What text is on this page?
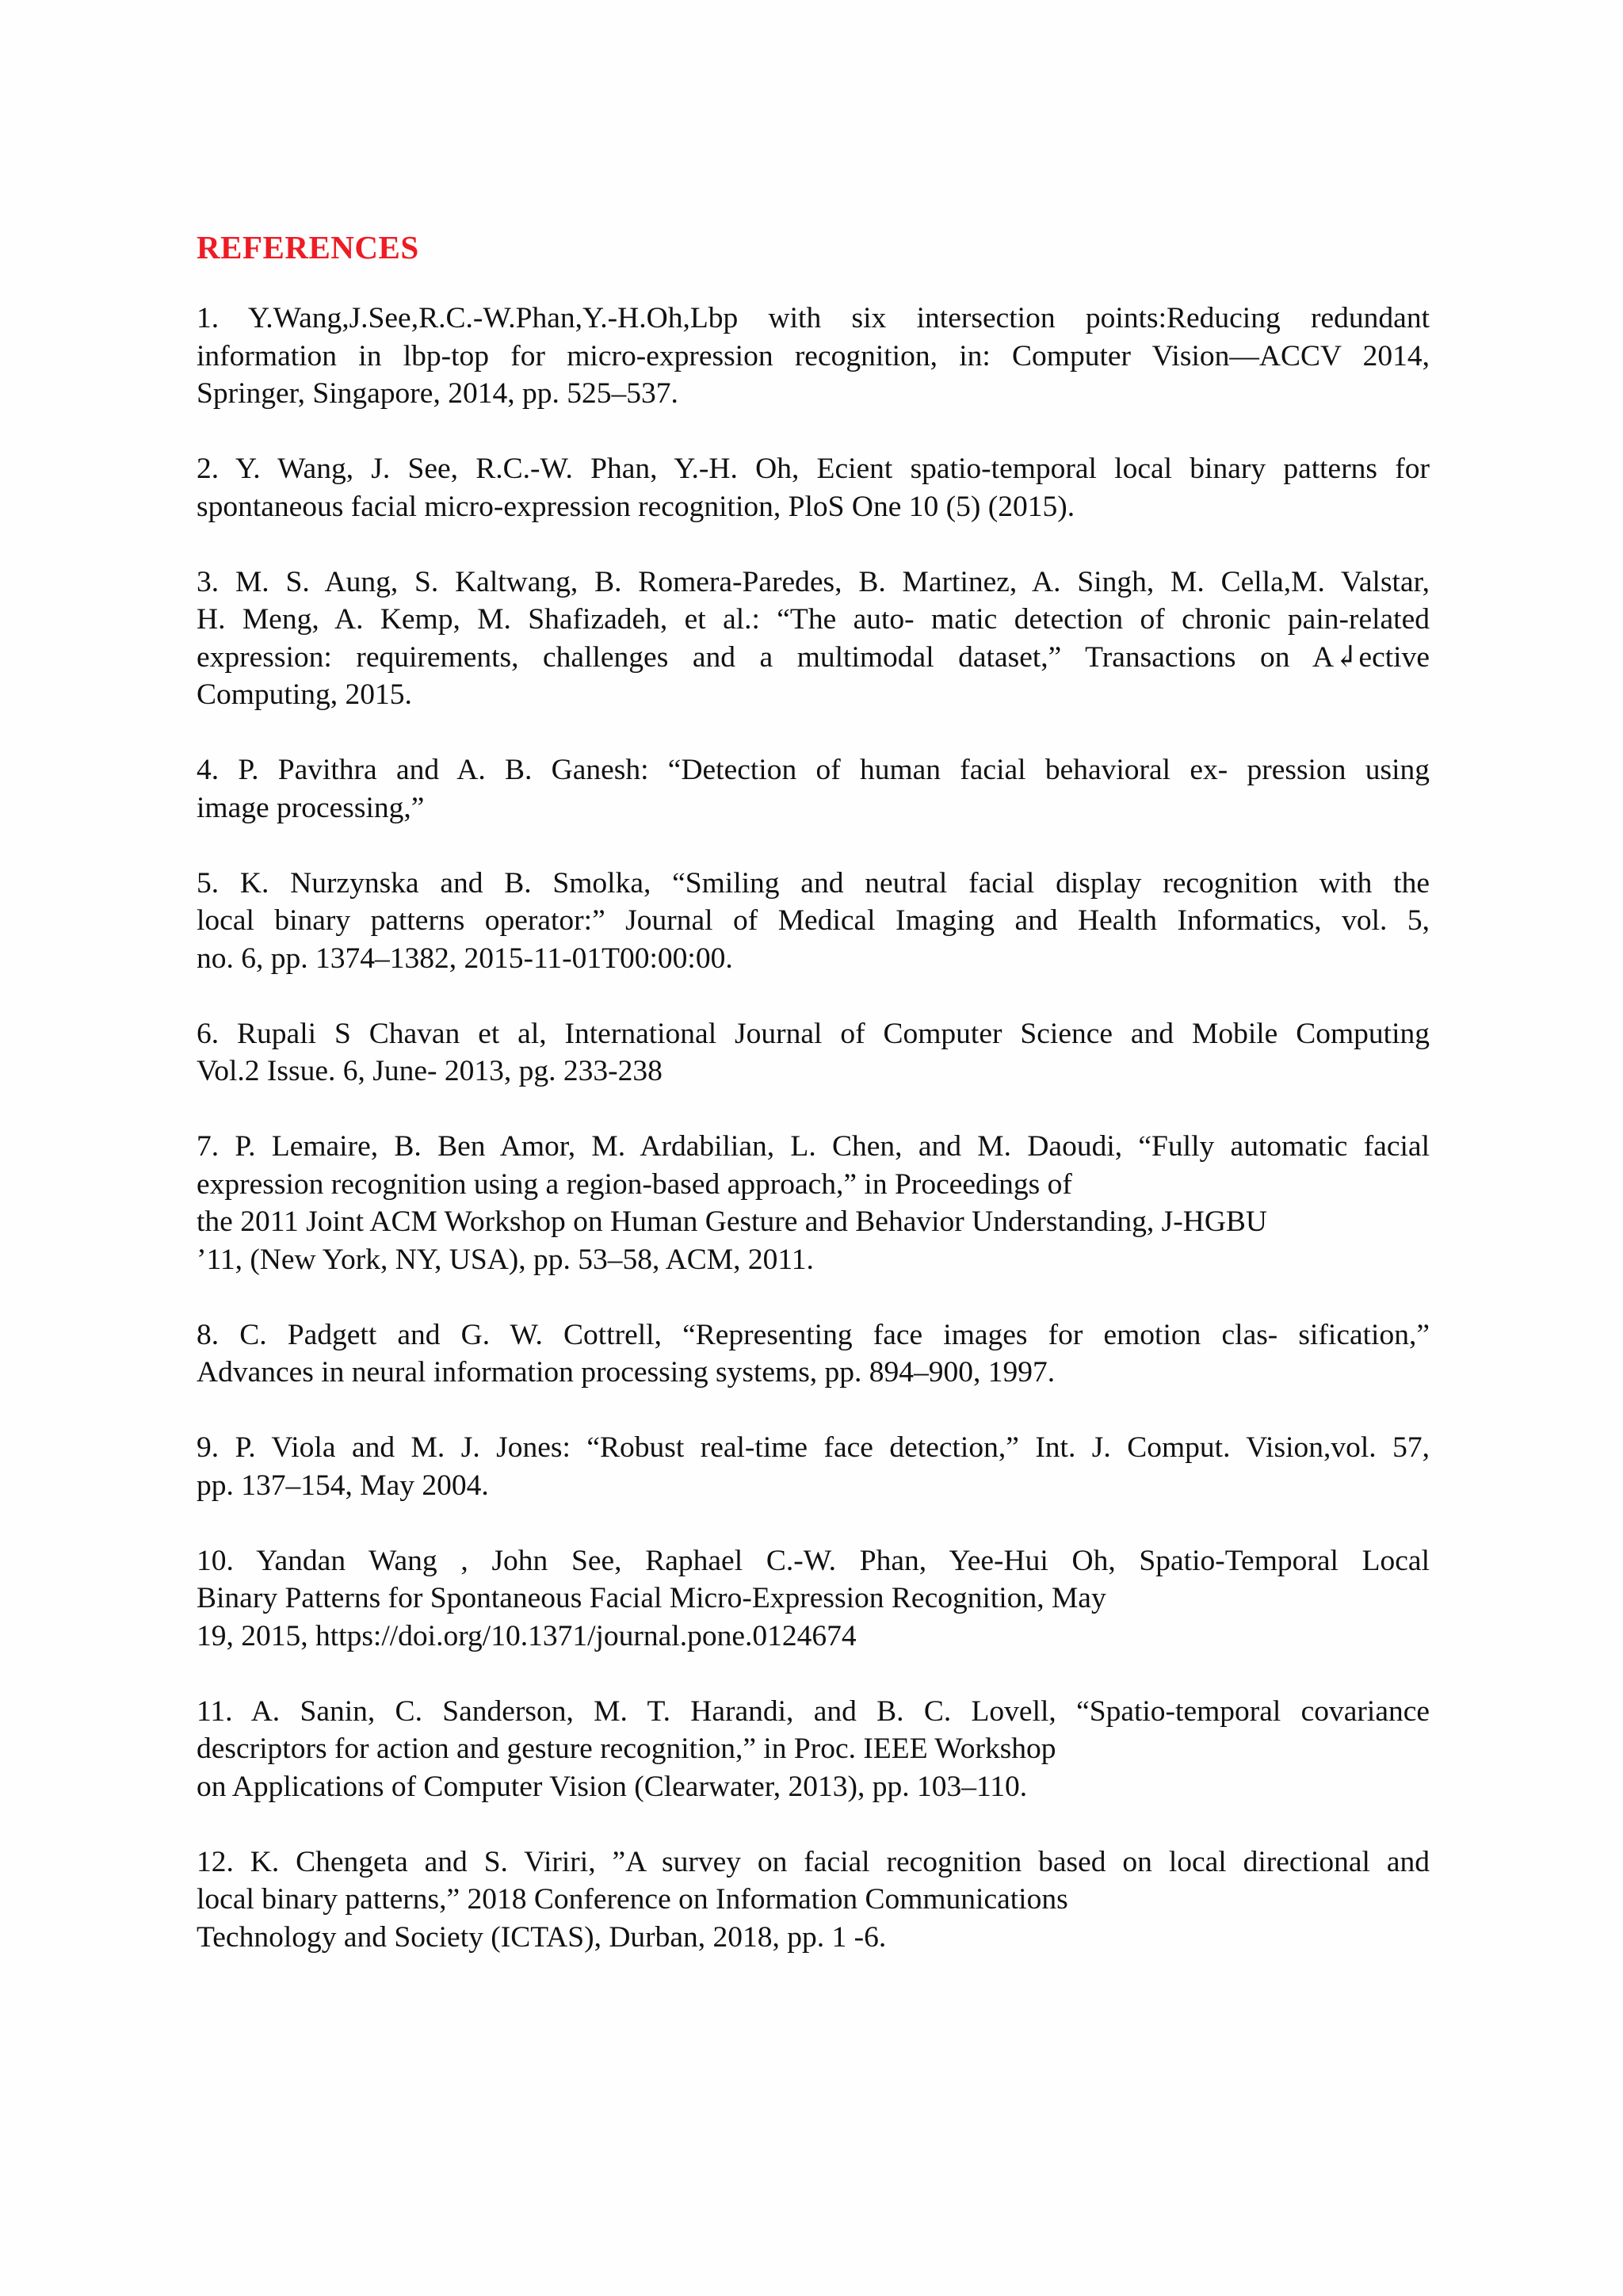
REFERENCES
1. Y.Wang,J.See,R.C.-W.Phan,Y.-H.Oh,Lbp with six intersection points:Reducing redundant
information in lbp-top for micro-expression recognition, in: Computer Vision—ACCV 2014,
Springer, Singapore, 2014, pp. 525–537.
2. Y. Wang, J. See, R.C.-W. Phan, Y.-H. Oh, Ecient spatio-temporal local binary patterns for
spontaneous facial micro-expression recognition, PloS One 10 (5) (2015).
3. M. S. Aung, S. Kaltwang, B. Romera-Paredes, B. Martinez, A. Singh, M. Cella,M. Valstar,
H. Meng, A. Kemp, M. Shafizadeh, et al.: “The auto- matic detection of chronic pain-related
expression: requirements, challenges and a multimodal dataset,” Transactions on A↲ective
Computing, 2015.
4. P. Pavithra and A. B. Ganesh: “Detection of human facial behavioral ex- pression using
image processing,”
5. K. Nurzynska and B. Smolka, “Smiling and neutral facial display recognition with the
local binary patterns operator:” Journal of Medical Imaging and Health Informatics, vol. 5,
no. 6, pp. 1374–1382, 2015-11-01T00:00:00.
6. Rupali S Chavan et al, International Journal of Computer Science and Mobile Computing
Vol.2 Issue. 6, June- 2013, pg. 233-238
7. P. Lemaire, B. Ben Amor, M. Ardabilian, L. Chen, and M. Daoudi, “Fully automatic facial
expression recognition using a region-based approach,” in Proceedings of
the 2011 Joint ACM Workshop on Human Gesture and Behavior Understanding, J-HGBU
’11, (New York, NY, USA), pp. 53–58, ACM, 2011.
8. C. Padgett and G. W. Cottrell, “Representing face images for emotion clas- sification,”
Advances in neural information processing systems, pp. 894–900, 1997.
9. P. Viola and M. J. Jones: “Robust real-time face detection,” Int. J. Comput. Vision,vol. 57,
pp. 137–154, May 2004.
10. Yandan Wang , John See, Raphael C.-W. Phan, Yee-Hui Oh, Spatio-Temporal Local
Binary Patterns for Spontaneous Facial Micro-Expression Recognition, May
19, 2015, https://doi.org/10.1371/journal.pone.0124674
11. A. Sanin, C. Sanderson, M. T. Harandi, and B. C. Lovell, “Spatio-temporal covariance
descriptors for action and gesture recognition,” in Proc. IEEE Workshop
on Applications of Computer Vision (Clearwater, 2013), pp. 103–110.
12. K. Chengeta and S. Viriri, ”A survey on facial recognition based on local directional and
local binary patterns,” 2018 Conference on Information Communications
Technology and Society (ICTAS), Durban, 2018, pp. 1 -6.
